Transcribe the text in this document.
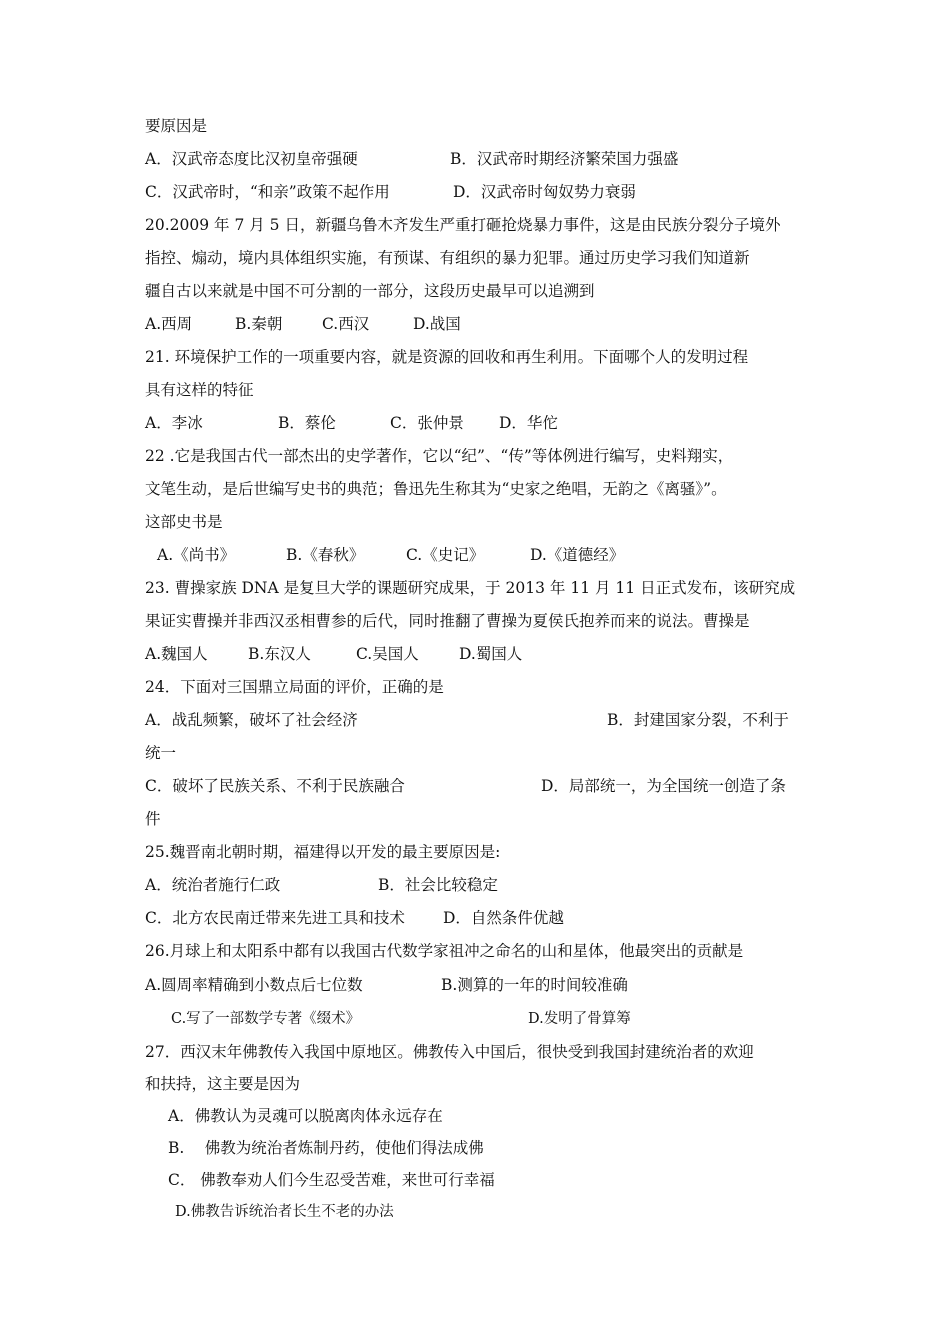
要原因是
A．汉武帝态度比汉初皇帝强硬	B．汉武帝时期经济繁荣国力强盛
C．汉武帝时，“和亲”政策不起作用	D．汉武帝时匈奴势力衰弱
20.2009 年 7 月 5 日，新疆乌鲁木齐发生严重打砸抢烧暴力事件，这是由民族分裂分子境外
指控、煽动，境内具体组织实施，有预谋、有组织的暴力犯罪。通过历史学习我们知道新
疆自古以来就是中国不可分割的一部分，这段历史最早可以追溯到
A.西周	B.秦朝	C.西汉	D.战国
21. 环境保护工作的一项重要内容，就是资源的回收和再生利用。下面哪个人的发明过程
具有这样的特征
A．李冰	B．蔡伦	C．张仲景 D．华佗
22 .它是我国古代一部杰出的史学著作，它以“纪”、“传”等体例进行编写，史料翔实，
文笔生动，是后世编写史书的典范；鲁迅先生称其为“史家之绝唱，无韵之《离骚》”。
这部史书是
A.《尚书》	B.《春秋》	C.《史记》	D.《道德经》
23. 曹操家族 DNA 是复旦大学的课题研究成果，于 2013 年 11 月 11 日正式发布，该研究成
果证实曹操并非西汉丞相曹参的后代，同时推翻了曹操为夏侯氏抱养而来的说法。曹操是
A.魏国人	B.东汉人	C.吴国人	D.蜀国人
24．下面对三国鼎立局面的评价，正确的是
A．战乱频繁，破坏了社会经济	B．封建国家分裂，不利于
统一
C．破坏了民族关系、不利于民族融合	D．局部统一，为全国统一创造了条
件
25.魏晋南北朝时期，福建得以开发的最主要原因是:
A．统治者施行仁政	B．社会比较稳定
C．北方农民南迁带来先进工具和技术 D．自然条件优越
26.月球上和太阳系中都有以我国古代数学家祖冲之命名的山和星体，他最突出的贡献是
A.圆周率精确到小数点后七位数	B.测算的一年的时间较准确
C.写了一部数学专著《缀术》	D.发明了骨算筹
27．西汉末年佛教传入我国中原地区。佛教传入中国后，很快受到我国封建统治者的欢迎
和扶持，这主要是因为
A．佛教认为灵魂可以脱离肉体永远存在
B.　 佛教为统治者炼制丹药，使他们得法成佛
C． 佛教奉劝人们今生忍受苦难，来世可行幸福
D.佛教告诉统治者长生不老的办法
